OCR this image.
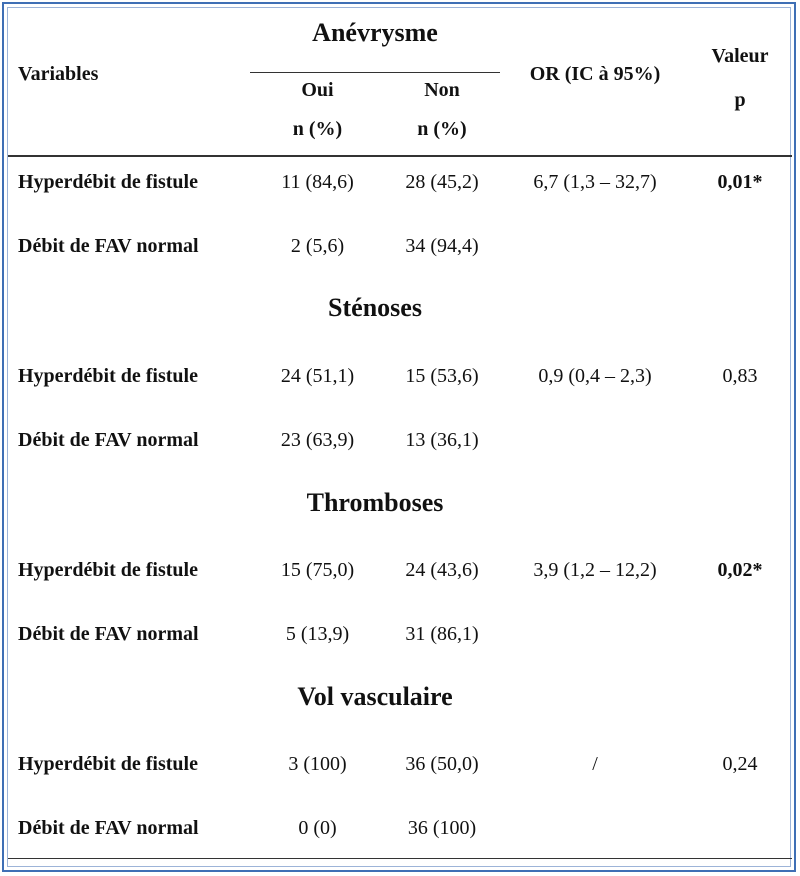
Variables
Anévrysme
Oui	Non
n (%)	n (%)
OR (IC à 95%)
Valeur
p
Hyperdébit de fistule	11 (84,6)	28 (45,2)	6,7 (1,3 – 32,7)	0,01*
Débit de FAV normal	2 (5,6)	34 (94,4)
Sténoses
Hyperdébit de fistule	24 (51,1)	15 (53,6)	0,9 (0,4 – 2,3)	0,83
Débit de FAV normal	23 (63,9)	13 (36,1)
Thromboses
Hyperdébit de fistule	15 (75,0)	24 (43,6)	3,9 (1,2 – 12,2)	0,02*
Débit de FAV normal	5 (13,9)	31 (86,1)
Vol vasculaire
Hyperdébit de fistule	3 (100)	36 (50,0)	/	0,24
Débit de FAV normal	0 (0)	36 (100)
